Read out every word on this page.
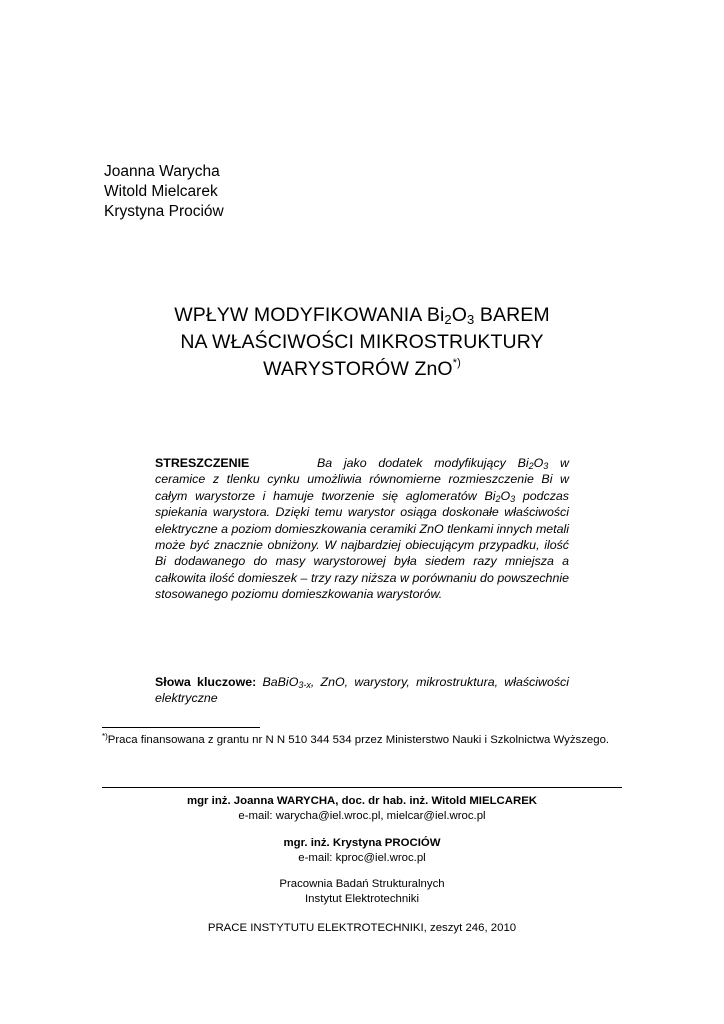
Joanna Warycha
Witold Mielcarek
Krystyna Prociów
WPŁYW MODYFIKOWANIA $Bi_2O_3$ BAREM
NA WŁAŚCIWOŚCI MIKROSTRUKTURY
WARYSTORÓW ZnO*)
STRESZCZENIE	Ba jako dodatek modyfikujący $Bi_2O_3$ w ceramice z tlenku cynku umożliwia równomierne rozmieszczenie Bi w całym warystorze i hamuje tworzenie się aglomeratów $Bi_2O_3$ podczas spiekania warystora. Dzięki temu warystor osiąga doskonałe właściwości elektryczne a poziom domieszkowania ceramiki ZnO tlenkami innych metali może być znacznie obniżony. W najbardziej obiecującym przypadku, ilość Bi dodawanego do masy warystorowej była siedem razy mniejsza a całkowita ilość domieszek – trzy razy niższa w porównaniu do powszechnie stosowanego poziomu domieszkowania warystorów.
Słowa kluczowe: BaBiO$_{3-x}$, ZnO, warystory, mikrostruktura, właściwości elektryczne
*)Praca finansowana z grantu nr N N 510 344 534 przez Ministerstwo Nauki i Szkolnictwa Wyższego.
mgr inż. Joanna WARYCHA, doc. dr hab. inż. Witold MIELCAREK
e-mail: warycha@iel.wroc.pl, mielcar@iel.wroc.pl
mgr. inż. Krystyna PROCIÓW
e-mail: kproc@iel.wroc.pl
Pracownia Badań Strukturalnych
Instytut Elektrotechniki
PRACE INSTYTUTU ELEKTROTECHNIKI, zeszyt 246, 2010
